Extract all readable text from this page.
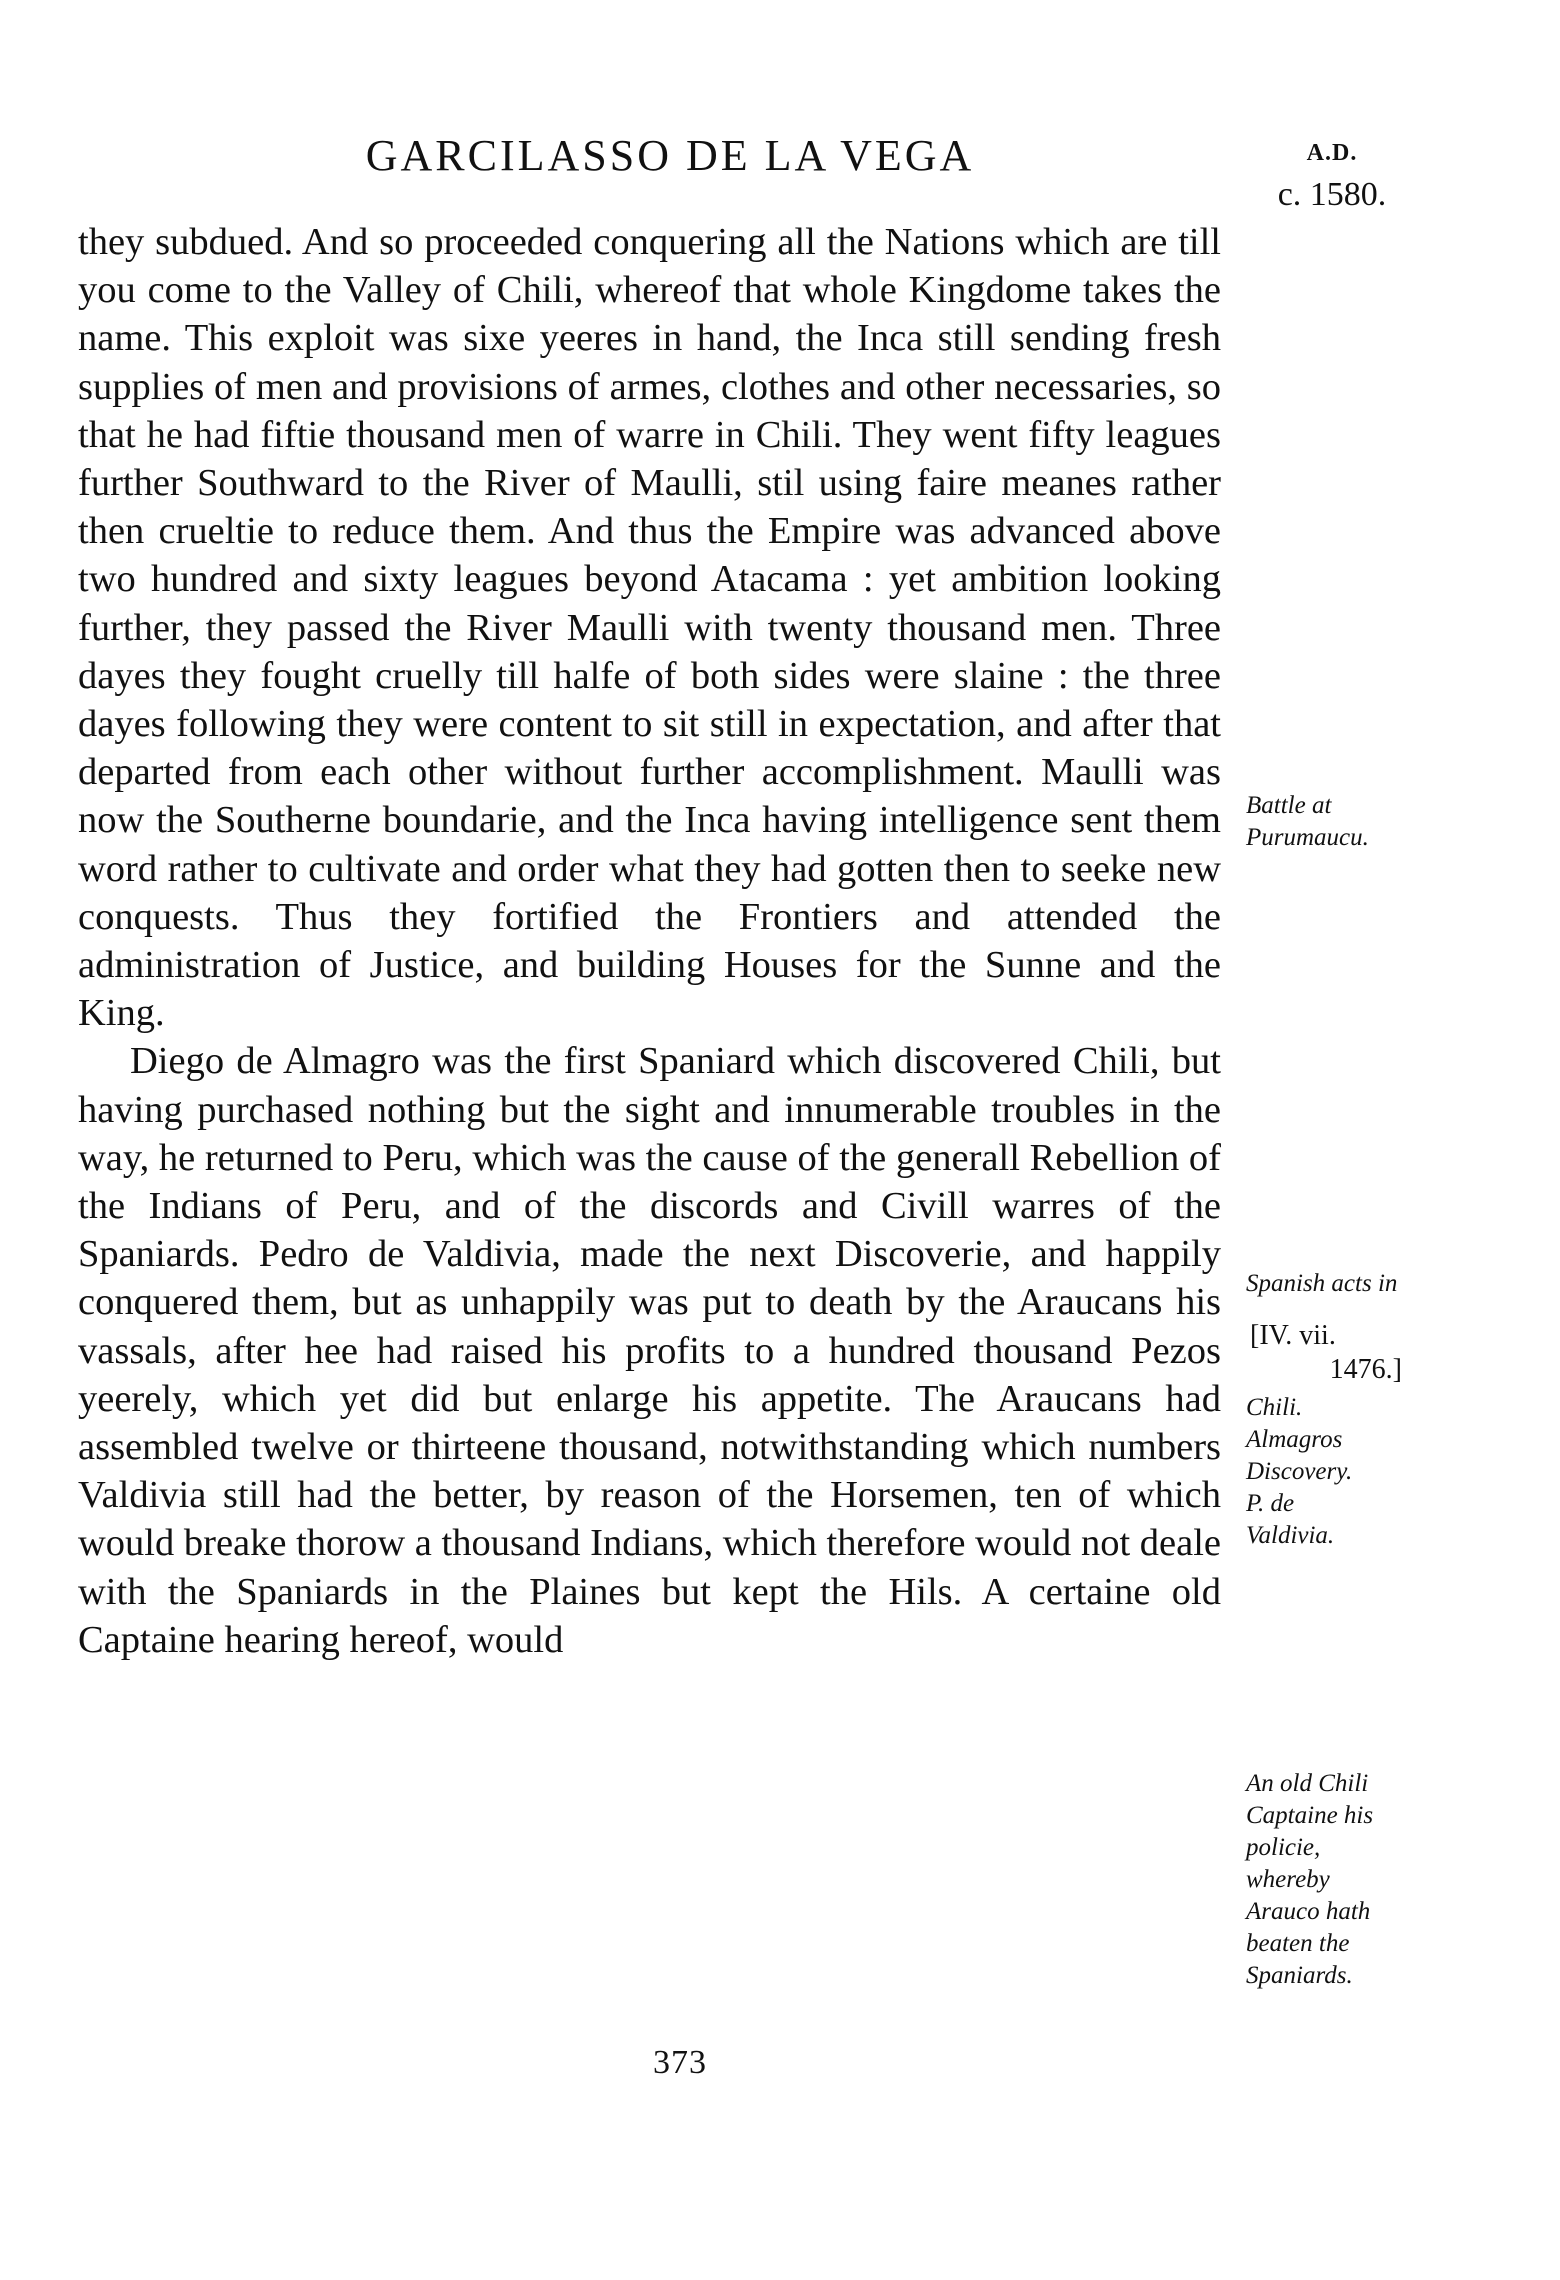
GARCILASSO DE LA VEGA	A.D.
c. 1580.

they subdued. And so proceeded conquering all the Nations which are till you come to the Valley of Chili, whereof that whole Kingdome takes the name. This exploit was sixe yeeres in hand, the Inca still sending fresh supplies of men and provisions of armes, clothes and other necessaries, so that he had fiftie thousand men of warre in Chili. They went fifty leagues further Southward to the River of Maulli, stil using faire meanes rather then crueltie to reduce them. And thus the Empire was advanced above two hundred and sixty leagues beyond Atacama : yet ambition looking further, they passed the River Maulli with twenty thousand men. Three dayes they fought cruelly till halfe of both sides were slaine : the three dayes following they were content to sit still in expectation, and after that departed from each other without further accomplishment. Maulli was now the Southerne boundarie, and the Inca having intelligence sent them word rather to cultivate and order what they had gotten then to seeke new conquests. Thus they fortified the Frontiers and attended the administration of Justice, and building Houses for the Sunne and the King.

Diego de Almagro was the first Spaniard which discovered Chili, but having purchased nothing but the sight and innumerable troubles in the way, he returned to Peru, which was the cause of the generall Rebellion of the Indians of Peru, and of the discords and Civill warres of the Spaniards. Pedro de Valdivia, made the next Discoverie, and happily conquered them, but as unhappily was put to death by the Araucans his vassals, after hee had raised his profits to a hundred thousand Pezos yeerely, which yet did but enlarge his appetite. The Araucans had assembled twelve or thirteene thousand, notwithstanding which numbers Valdivia still had the better, by reason of the Horsemen, ten of which would breake thorow a thousand Indians, which therefore would not deale with the Spaniards in the Plaines but kept the Hils. A certaine old Captaine hearing hereof, would

Battle at
Purumaucu.
Spanish acts in
[IV. vii.
1476.]
Chili.
Almagros
Discovery.
P. de
Valdivia.
An old Chili
Captaine his
policie,
whereby
Arauco hath
beaten the
Spaniards.
373
